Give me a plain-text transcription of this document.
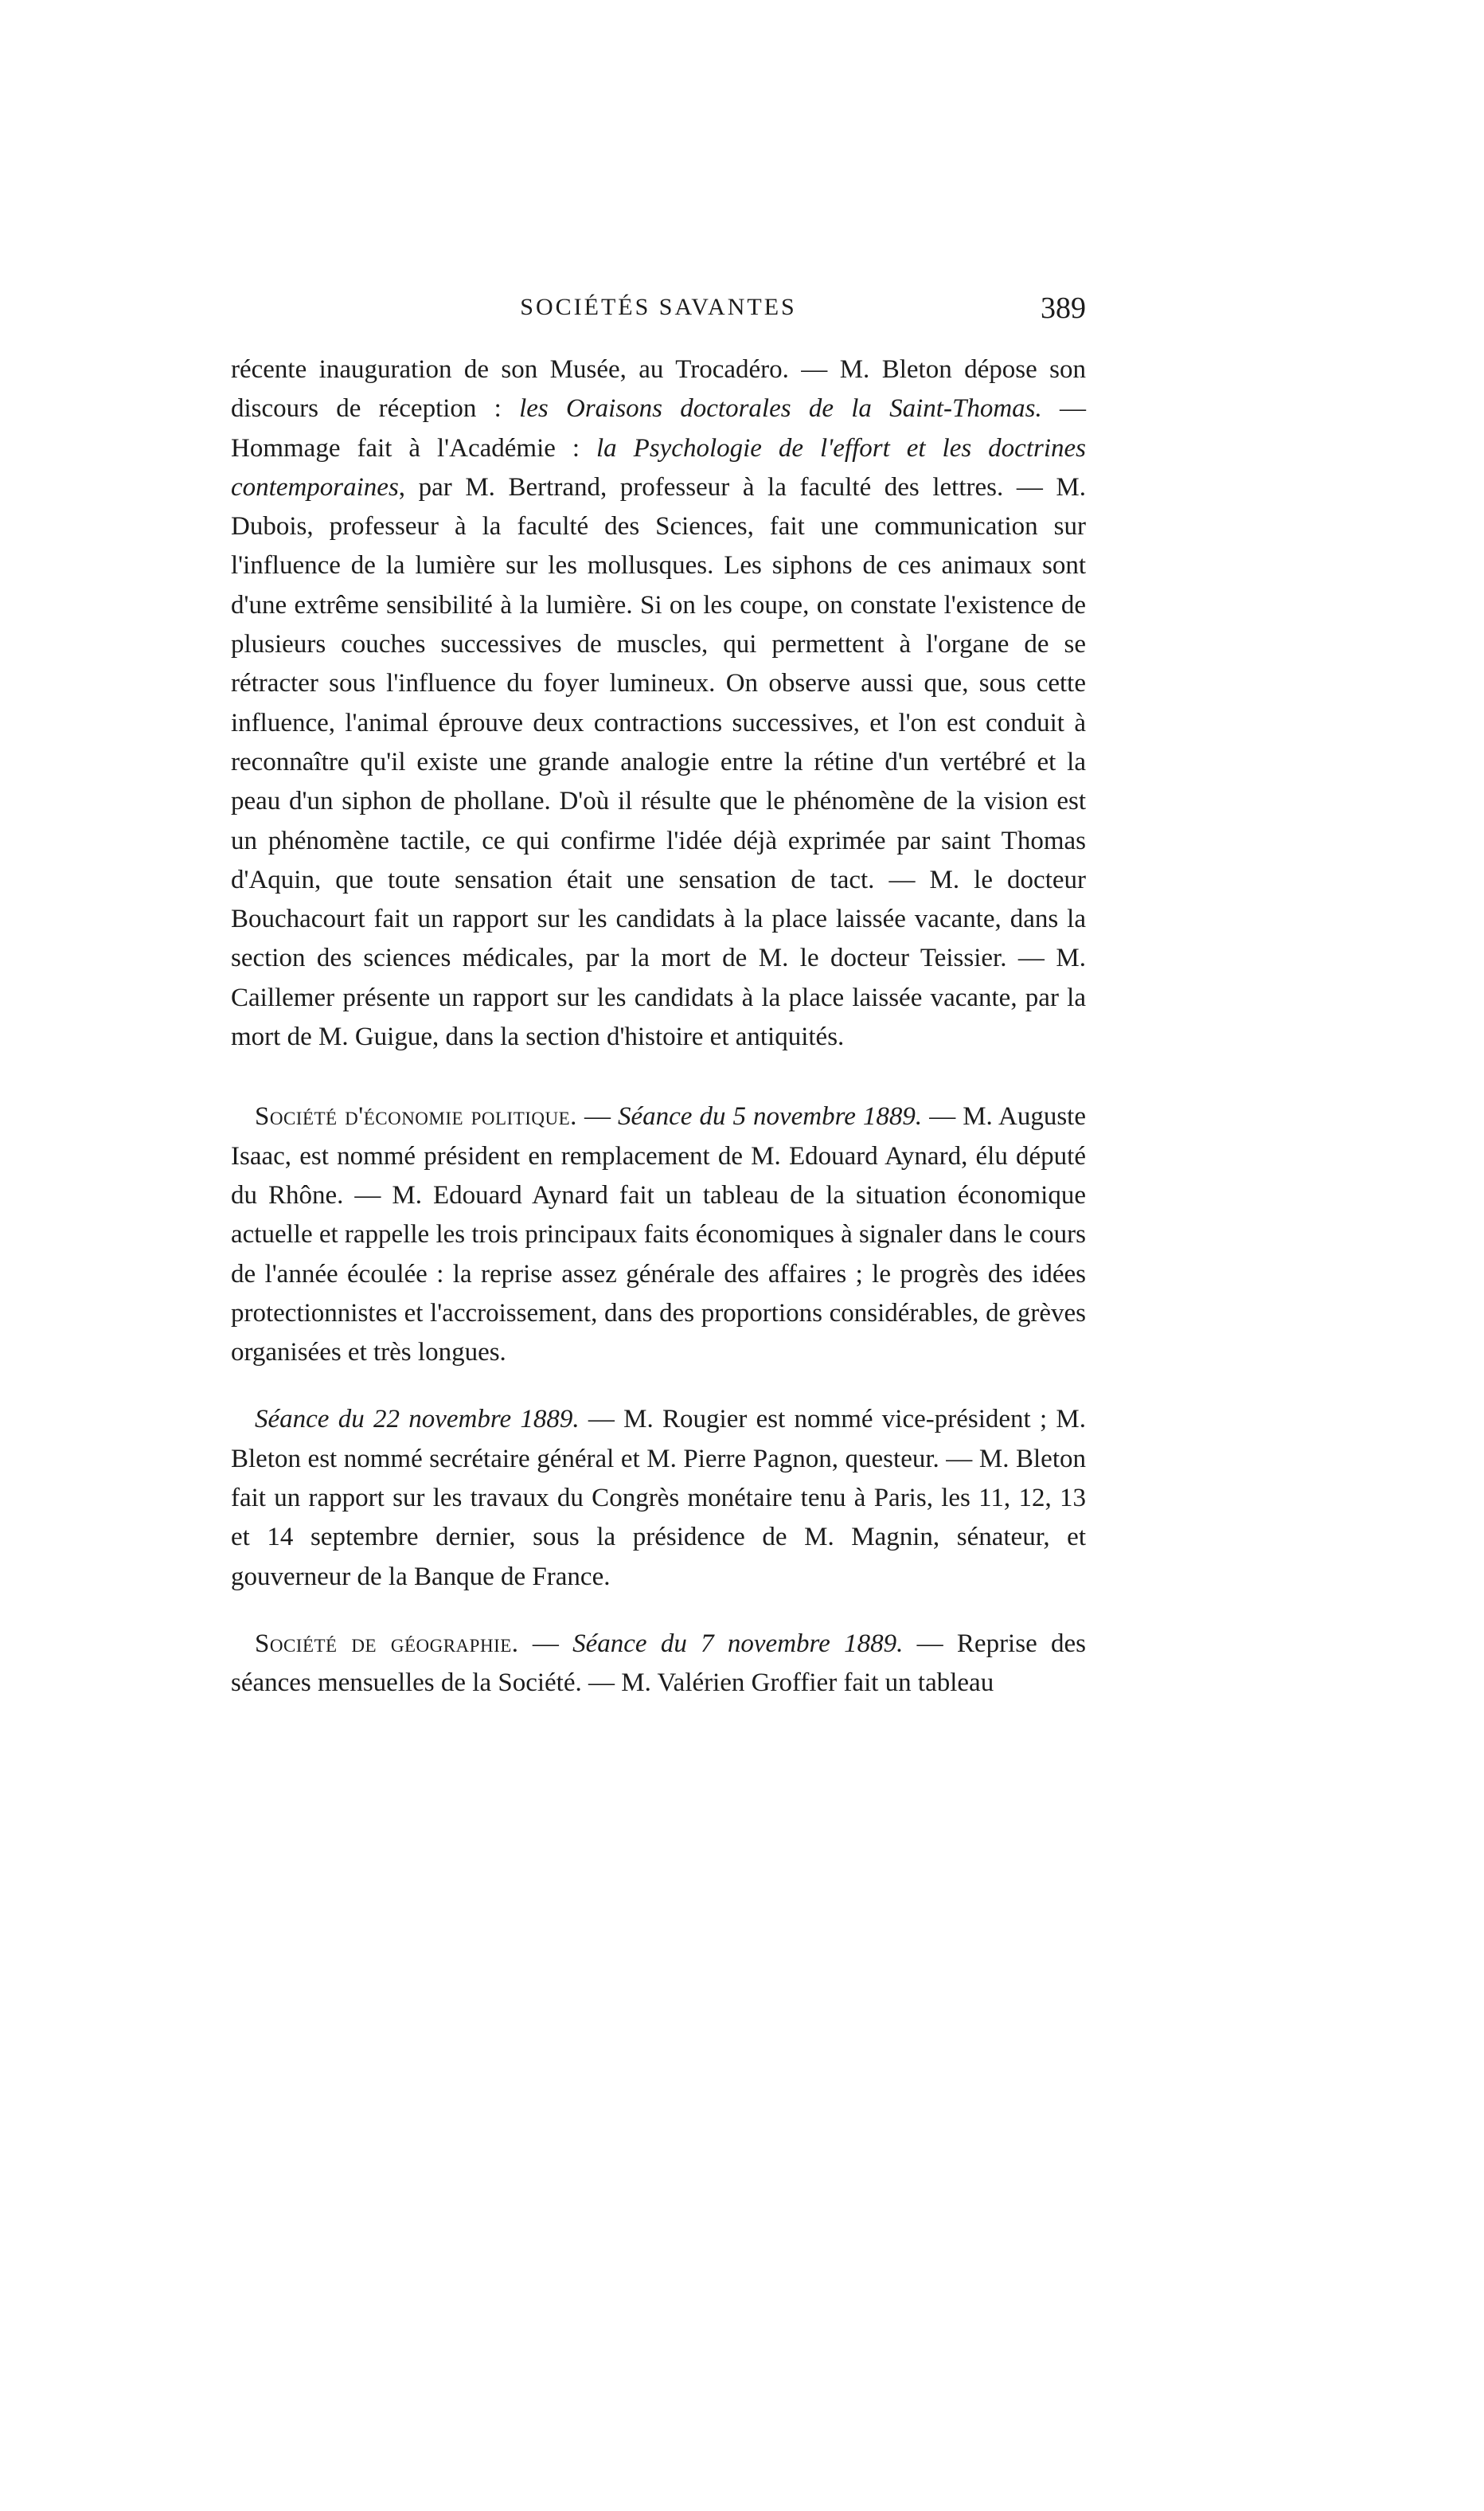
SOCIÉTÉS SAVANTES	389

récente inauguration de son Musée, au Trocadéro. — M. Bleton dépose son discours de réception : les Oraisons doctorales de la Saint-Thomas. — Hommage fait à l'Académie : la Psychologie de l'effort et les doctrines contemporaines, par M. Bertrand, professeur à la faculté des lettres. — M. Dubois, professeur à la faculté des Sciences, fait une communication sur l'influence de la lumière sur les mollusques. Les siphons de ces animaux sont d'une extrême sensibilité à la lumière. Si on les coupe, on constate l'existence de plusieurs couches successives de muscles, qui permettent à l'organe de se rétracter sous l'influence du foyer lumineux. On observe aussi que, sous cette influence, l'animal éprouve deux contractions successives, et l'on est conduit à reconnaître qu'il existe une grande analogie entre la rétine d'un vertébré et la peau d'un siphon de phollane. D'où il résulte que le phénomène de la vision est un phénomène tactile, ce qui confirme l'idée déjà exprimée par saint Thomas d'Aquin, que toute sensation était une sensation de tact. — M. le docteur Bouchacourt fait un rapport sur les candidats à la place laissée vacante, dans la section des sciences médicales, par la mort de M. le docteur Teissier. — M. Caillemer présente un rapport sur les candidats à la place laissée vacante, par la mort de M. Guigue, dans la section d'histoire et antiquités.

Société d'économie politique. — Séance du 5 novembre 1889. — M. Auguste Isaac, est nommé président en remplacement de M. Edouard Aynard, élu député du Rhône. — M. Edouard Aynard fait un tableau de la situation économique actuelle et rappelle les trois principaux faits économiques à signaler dans le cours de l'année écoulée : la reprise assez générale des affaires ; le progrès des idées protectionnistes et l'accroissement, dans des proportions considérables, de grèves organisées et très longues.

Séance du 22 novembre 1889. — M. Rougier est nommé vice-président ; M. Bleton est nommé secrétaire général et M. Pierre Pagnon, questeur. — M. Bleton fait un rapport sur les travaux du Congrès monétaire tenu à Paris, les 11, 12, 13 et 14 septembre dernier, sous la présidence de M. Magnin, sénateur, et gouverneur de la Banque de France.

Société de géographie. — Séance du 7 novembre 1889. — Reprise des séances mensuelles de la Société. — M. Valérien Groffier fait un tableau
